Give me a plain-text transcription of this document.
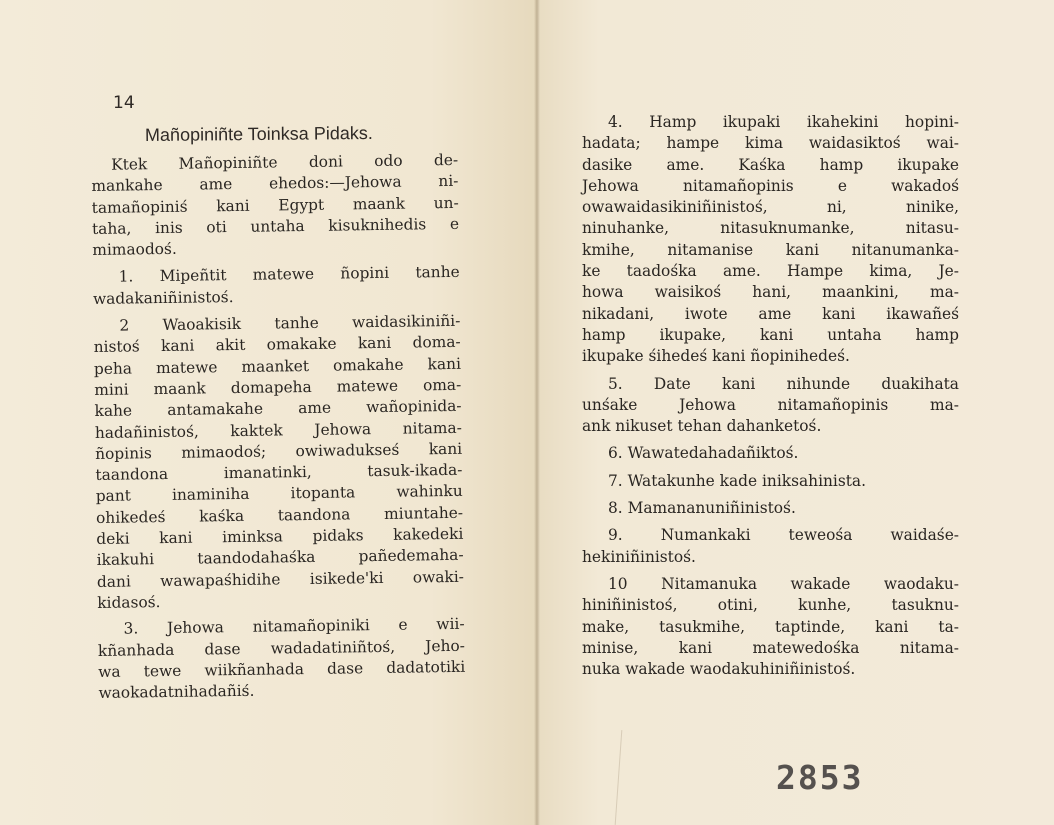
14
Mañopiniñte Toinksa Pidaks.
Ktek Mañopiniñte doni odo de-
mankahe ame ehedos:—Jehowa ni-
tamañopiniś kani Egypt maank un-
taha, inis oti untaha kisuknihedis e
mimaodoś.
1. Mipeñtit matewe ñopini tanhe
wadakaniñinistoś.
2 Waoakisik tanhe waidasikiniñi-
nistoś kani akit omakake kani doma-
peha matewe maanket omakahe kani
mini maank domapeha matewe oma-
kahe antamakahe ame wañopinida-
hadañinistoś, kaktek Jehowa nitama-
ñopinis mimaodoś; owiwadukseś kani
taandona imanatinki, tasuk-ikada-
pant inaminiha itopanta wahinku
ohikedeś kaśka taandona miuntahe-
deki kani iminksa pidaks kakedeki
ikakuhi taandodahaśka pañedemaha-
dani wawapaśhidihe isikede'ki owaki-
kidasoś.
3. Jehowa nitamañopiniki e wii-
kñanhada dase wadadatiniñtoś, Jeho-
wa tewe wiikñanhada dase dadatotiki
waokadatnihadañiś.
4. Hamp ikupaki ikahekini hopini-
hadata; hampe kima waidasiktoś wai-
dasike ame. Kaśka hamp ikupake
Jehowa nitamañopinis e wakadoś
owawaidasikiniñinistoś, ni, ninike,
ninuhanke, nitasuknumanke, nitasu-
kmihe, nitamanise kani nitanumanka-
ke taadośka ame. Hampe kima, Je-
howa waisikoś hani, maankini, ma-
nikadani, iwote ame kani ikawañeś
hamp ikupake, kani untaha hamp
ikupake śihedeś kani ñopinihedeś.
5. Date kani nihunde duakihata
unśake Jehowa nitamañopinis ma-
ank nikuset tehan dahanketoś.
6. Wawatedahadañiktoś.
7. Watakunhe kade iniksahinista.
8. Mamananuniñinistoś.
9. Numankaki teweośa waidaśe-
hekiniñinistoś.
10 Nitamanuka wakade waodaku-
hiniñinistoś, otini, kunhe, tasuknu-
make, tasukmihe, taptinde, kani ta-
minise, kani matewedośka nitama-
nuka wakade waodakuhiniñinistoś.
2853
